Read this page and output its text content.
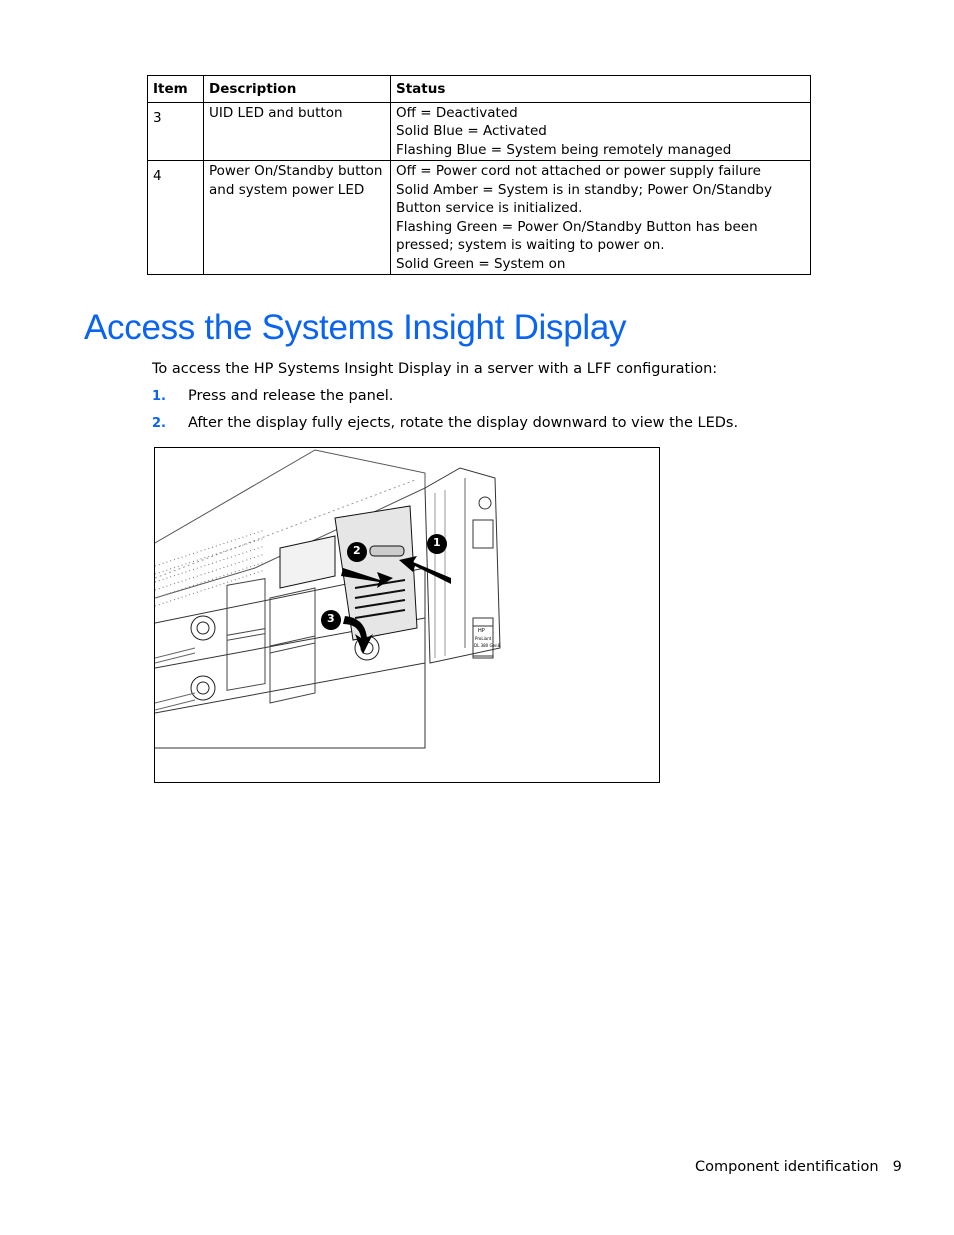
Item	Description	Status
3	UID LED and button	Off = Deactivated
Solid Blue = Activated
Flashing Blue = System being remotely managed

4	Power On/Standby button and system power LED	Off = Power cord not attached or power supply failure
Solid Amber = System is in standby; Power On/Standby Button service is initialized.
Flashing Green = Power On/Standby Button has been pressed; system is waiting to power on.
Solid Green = System on
Access the Systems Insight Display

To access the HP Systems Insight Display in a server with a LFF configuration:

1. Press and release the panel.
2. After the display fully ejects, rotate the display downward to view the LEDs.
1
2
3
HP
ProLiant
DL 380 Gen8
Component identification 9
